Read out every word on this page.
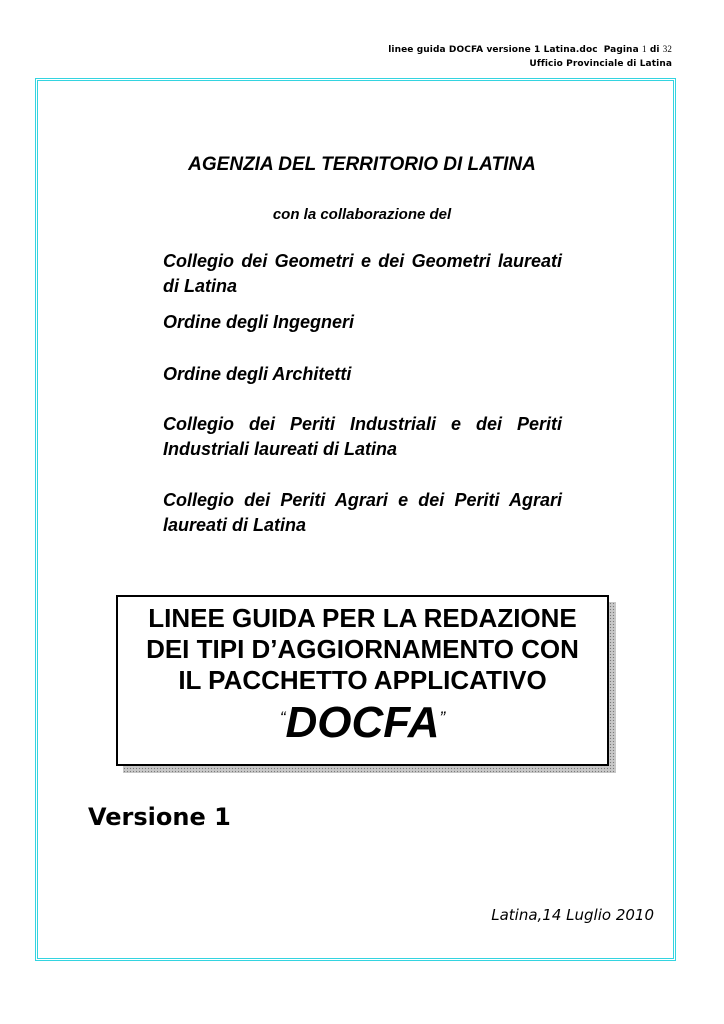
linee guida DOCFA versione 1 Latina.doc Pagina 1 di 32
Ufficio Provinciale di Latina
AGENZIA DEL TERRITORIO DI LATINA
con la collaborazione del
Collegio dei Geometri e dei Geometri laureati di Latina
Ordine degli Ingegneri
Ordine degli Architetti
Collegio dei Periti Industriali e dei Periti Industriali laureati di Latina
Collegio dei Periti Agrari e dei Periti Agrari laureati di Latina
LINEE GUIDA PER LA REDAZIONE
DEI TIPI D’AGGIORNAMENTO CON
IL PACCHETTO APPLICATIVO
“DOCFA”
Versione 1
Latina,14 Luglio 2010
